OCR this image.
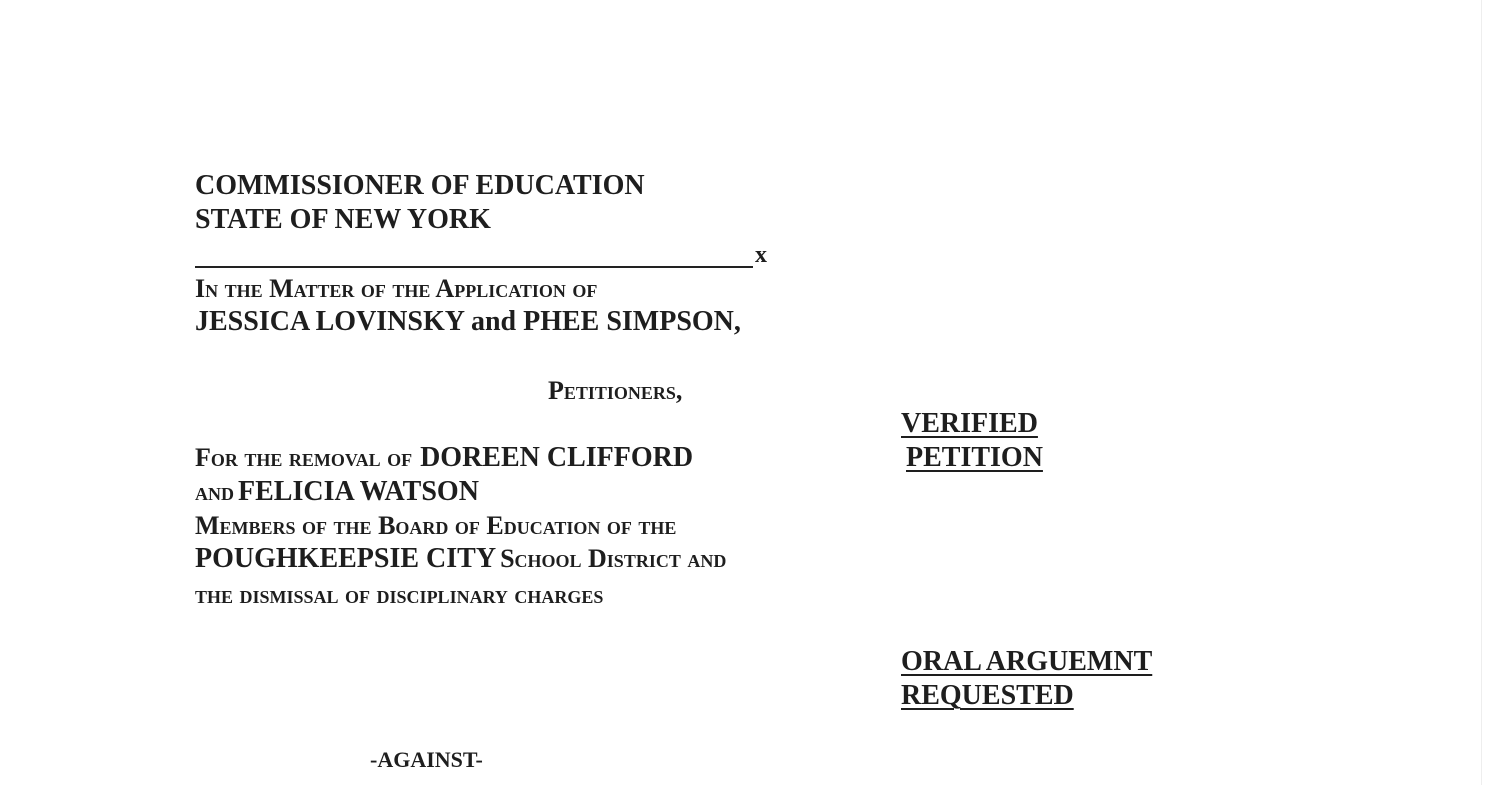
COMMISSIONER OF EDUCATION
STATE OF NEW YORK
x
In the Matter of the Application of
JESSICA LOVINSKY and PHEE SIMPSON,
Petitioners,
For the removal of DOREEN CLIFFORD
and FELICIA WATSON
Members of the Board of Education of the
POUGHKEEPSIE CITY School District and
the dismissal of disciplinary charges
-AGAINST-
VERIFIED
PETITION
ORAL ARGUEMNT
REQUESTED
